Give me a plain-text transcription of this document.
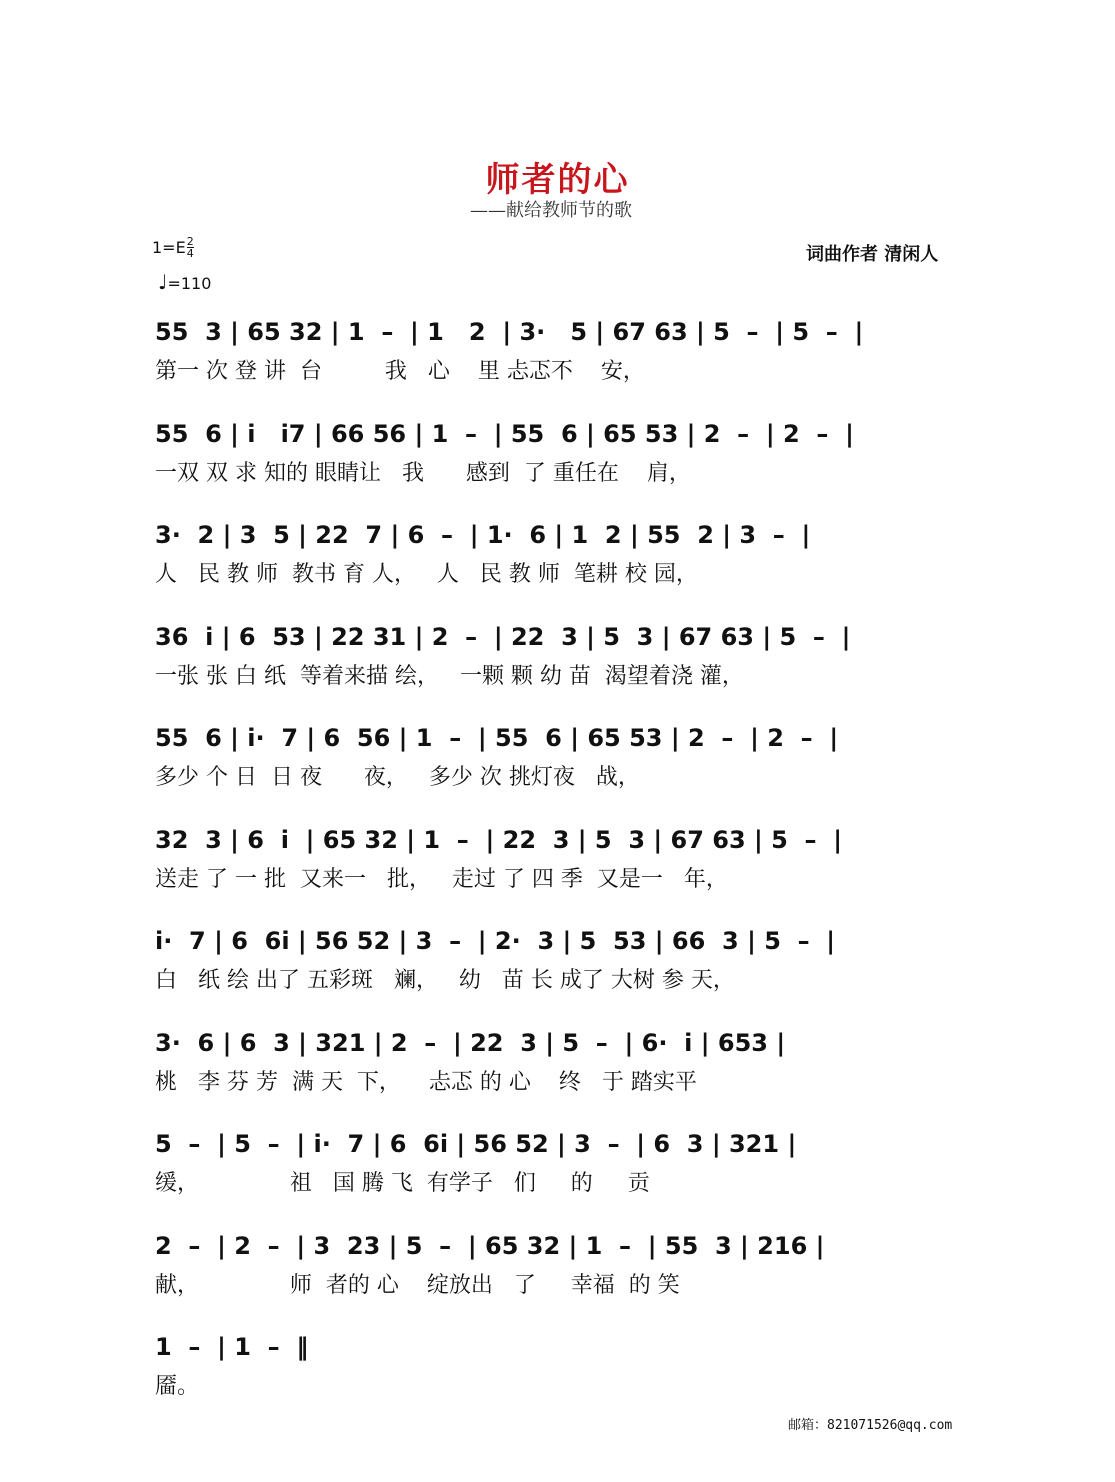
师者的心
——献给教师节的歌
$1=E \frac{2}{4}$
♩=110
词曲作者 清闲人
55  3 | 65 32 | 1  –  | 1   2  | 3·   5 | 67 63 | 5  –  | 5  –  |
第一 次 登 讲  台         我   心    里 忐忑不    安，
55  6 | i   i7 | 66 56 | 1  –  | 55  6 | 65 53 | 2  –  | 2  –  |
一双 双 求 知的 眼睛让   我      感到  了 重任在    肩，
3·  2 | 3  5 | 22  7 | 6  –  | 1·  6 | 1  2 | 55  2 | 3  –  |
人   民 教 师  教书 育 人，   人   民 教 师  笔耕 校 园，
36  i | 6  53 | 22 31 | 2  –  | 22  3 | 5  3 | 67 63 | 5  –  |
一张 张 白 纸  等着来描 绘，   一颗 颗 幼 苗  渴望着浇 灌，
55  6 | i·  7 | 6  56 | 1  –  | 55  6 | 65 53 | 2  –  | 2  –  |
多少 个 日  日 夜      夜，   多少 次 挑灯夜   战，
32  3 | 6  i  | 65 32 | 1  –  | 22  3 | 5  3 | 67 63 | 5  –  |
送走 了 一 批  又来一   批，   走过 了 四 季  又是一   年，
i·  7 | 6  6i | 56 52 | 3  –  | 2·  3 | 5  53 | 66  3 | 5  –  |
白   纸 绘 出了 五彩斑   斓，   幼   苗 长 成了 大树 参 天，
3·  6 | 6  3 | 321 | 2  –  | 22  3 | 5  –  | 6·  i | 653 |
桃   李 芬 芳  满 天  下，    忐忑 的 心    终   于 踏实平
5  –  | 5  –  | i·  7 | 6  6i | 56 52 | 3  –  | 6  3 | 321 |
缓，             祖   国 腾 飞  有学子   们     的     贡
2  –  | 2  –  | 3  23 | 5  –  | 65 32 | 1  –  | 55  3 | 216 |
献，             师  者的 心    绽放出   了     幸福  的 笑
1  –  | 1  –  ‖
靥。
邮箱：821071526@qq.com
